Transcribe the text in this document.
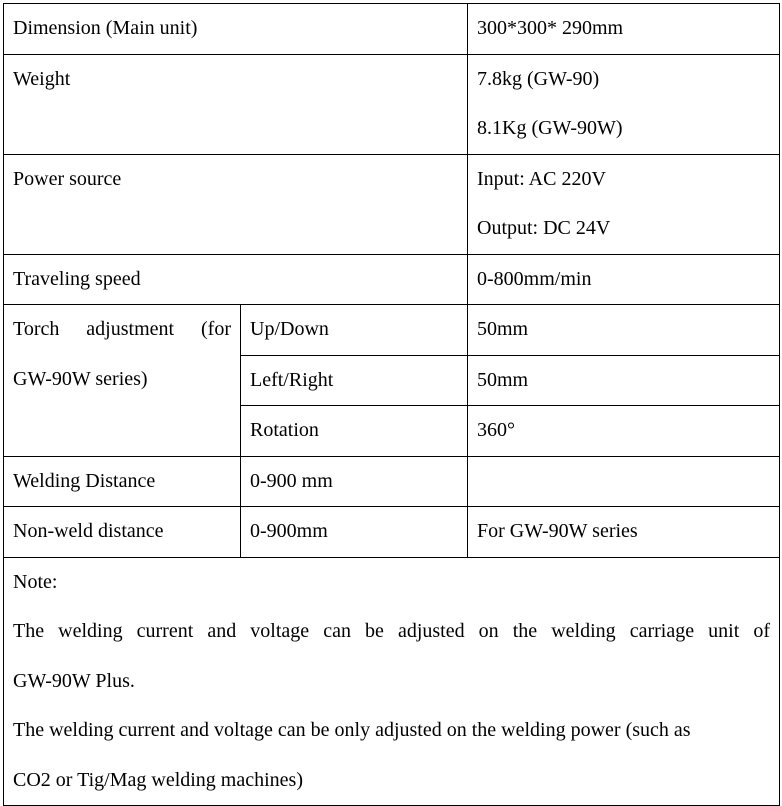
Dimension (Main unit)		300*300* 290mm

Weight		7.8kg (GW-90)
8.1Kg (GW-90W)

Power source		Input: AC 220V
Output: DC 24V

Traveling speed		0-800mm/min

Torch adjustment (for
GW-90W series)	Up/Down	50mm

	Left/Right	50mm

	Rotation	360°

Welding Distance	0-900 mm	

Non-weld distance	0-900mm	For GW-90W series

Note:
The welding current and voltage can be adjusted on the welding carriage unit of
GW-90W Plus.
The welding current and voltage can be only adjusted on the welding power (such as
CO2 or Tig/Mag welding machines)		
